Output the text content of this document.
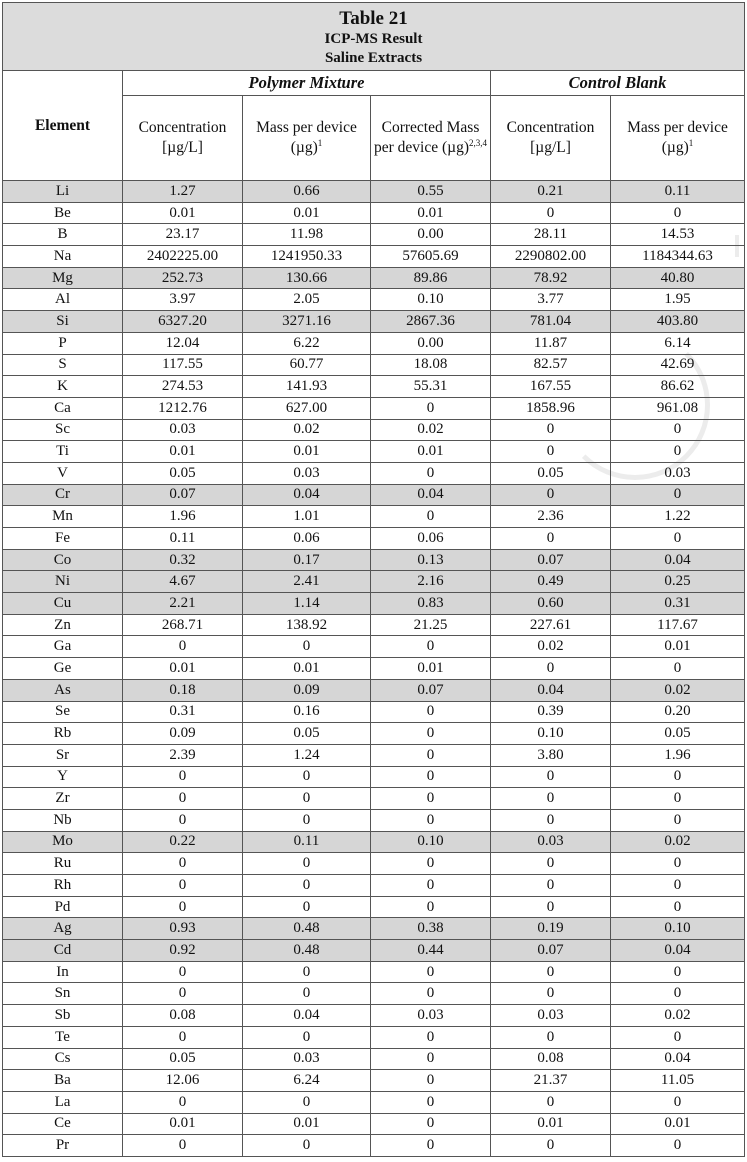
Table 21
ICP-MS Result
Saline Extracts					

Element	Polymer Mixture			Control Blank	
	Concentration [µg/L]	Mass per device $(\mu g)^1$	Corrected Mass per device $(\mu g)^{2,3,4}$	Concentration [µg/L]	Mass per device $(\mu g)^1$
Li	1.27	0.66	0.55	0.21	0.11
Be	0.01	0.01	0.01	0	0
B	23.17	11.98	0.00	28.11	14.53
Na	2402225.00	1241950.33	57605.69	2290802.00	1184344.63
Mg	252.73	130.66	89.86	78.92	40.80
Al	3.97	2.05	0.10	3.77	1.95
Si	6327.20	3271.16	2867.36	781.04	403.80
P	12.04	6.22	0.00	11.87	6.14
S	117.55	60.77	18.08	82.57	42.69
K	274.53	141.93	55.31	167.55	86.62
Ca	1212.76	627.00	0	1858.96	961.08
Sc	0.03	0.02	0.02	0	0
Ti	0.01	0.01	0.01	0	0
V	0.05	0.03	0	0.05	0.03
Cr	0.07	0.04	0.04	0	0
Mn	1.96	1.01	0	2.36	1.22
Fe	0.11	0.06	0.06	0	0
Co	0.32	0.17	0.13	0.07	0.04
Ni	4.67	2.41	2.16	0.49	0.25
Cu	2.21	1.14	0.83	0.60	0.31
Zn	268.71	138.92	21.25	227.61	117.67
Ga	0	0	0	0.02	0.01
Ge	0.01	0.01	0.01	0	0
As	0.18	0.09	0.07	0.04	0.02
Se	0.31	0.16	0	0.39	0.20
Rb	0.09	0.05	0	0.10	0.05
Sr	2.39	1.24	0	3.80	1.96
Y	0	0	0	0	0
Zr	0	0	0	0	0
Nb	0	0	0	0	0
Mo	0.22	0.11	0.10	0.03	0.02
Ru	0	0	0	0	0
Rh	0	0	0	0	0
Pd	0	0	0	0	0
Ag	0.93	0.48	0.38	0.19	0.10
Cd	0.92	0.48	0.44	0.07	0.04
In	0	0	0	0	0
Sn	0	0	0	0	0
Sb	0.08	0.04	0.03	0.03	0.02
Te	0	0	0	0	0
Cs	0.05	0.03	0	0.08	0.04
Ba	12.06	6.24	0	21.37	11.05
La	0	0	0	0	0
Ce	0.01	0.01	0	0.01	0.01
Pr	0	0	0	0	0
